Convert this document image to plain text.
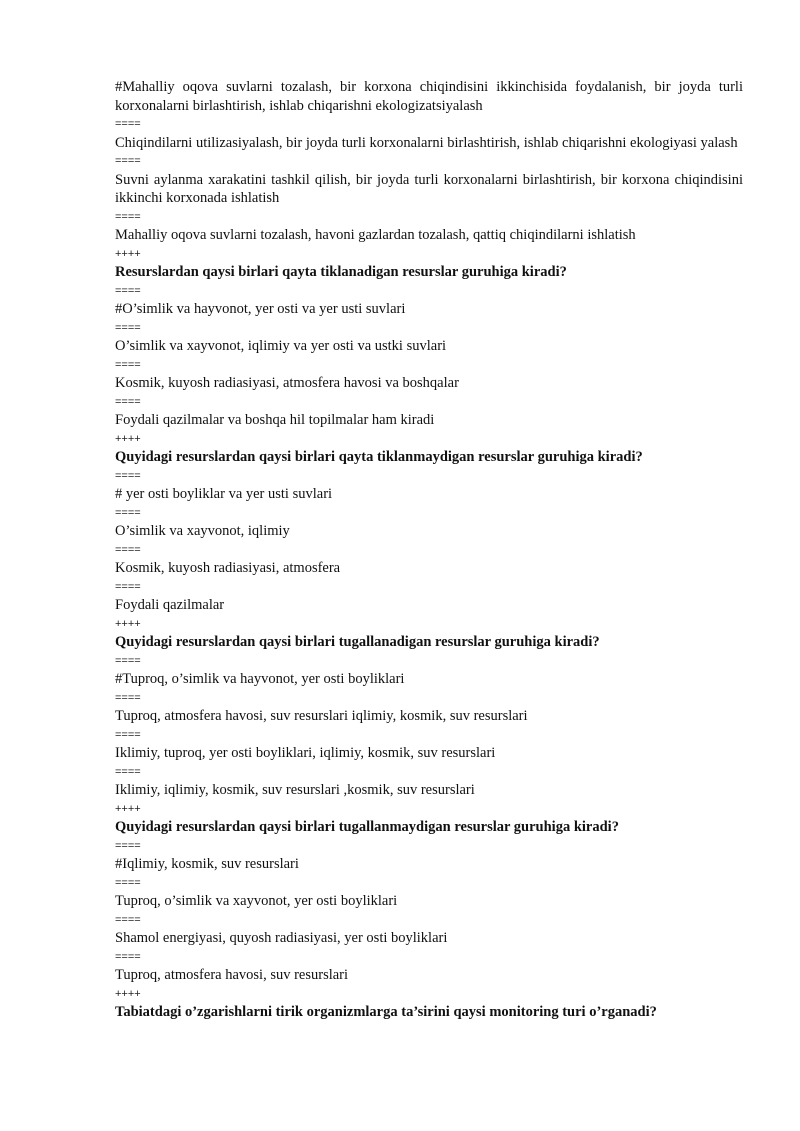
#Mahalliy oqova suvlarni tozalash, bir korxona chiqindisini ikkinchisida foydalanish, bir joyda turli korxonalarni birlashtirish, ishlab chiqarishni ekologizatsiyalash

====

Chiqindilarni utilizasiyalash, bir joyda turli korxonalarni birlashtirish, ishlab chiqarishni ekologiyasi yalash

====

Suvni aylanma xarakatini tashkil qilish, bir joyda turli korxonalarni birlashtirish, bir korxona chiqindisini ikkinchi korxonada ishlatish

====

Mahalliy oqova suvlarni tozalash, havoni gazlardan tozalash, qattiq chiqindilarni ishlatish

++++

Resurslardan qaysi birlari qayta tiklanadigan resurslar guruhiga kiradi?

====

#O’simlik va hayvonot, yer osti va yer usti suvlari

====

O’simlik va xayvonot, iqlimiy va yer osti va ustki suvlari

====

Kosmik, kuyosh radiasiyasi, atmosfera havosi va boshqalar

====

Foydali qazilmalar va boshqa hil topilmalar ham kiradi

++++

Quyidagi resurslardan qaysi birlari qayta tiklanmaydigan resurslar guruhiga kiradi?

====

# yer osti boyliklar va yer usti suvlari

====

O’simlik va xayvonot, iqlimiy

====

Kosmik, kuyosh radiasiyasi, atmosfera

====

Foydali qazilmalar

++++

Quyidagi resurslardan qaysi birlari tugallanadigan resurslar guruhiga kiradi?

====

#Tuproq, o’simlik va hayvonot, yer osti boyliklari

====

Tuproq, atmosfera havosi, suv resurslari iqlimiy, kosmik, suv resurslari

====

Iklimiy, tuproq, yer osti boyliklari, iqlimiy, kosmik, suv resurslari

====

Iklimiy, iqlimiy, kosmik, suv resurslari ,kosmik, suv resurslari

++++

Quyidagi resurslardan qaysi birlari tugallanmaydigan resurslar guruhiga kiradi?

====

#Iqlimiy, kosmik, suv resurslari

====

Tuproq, o’simlik va xayvonot, yer osti boyliklari

====

Shamol energiyasi, quyosh radiasiyasi, yer osti boyliklari

====

Tuproq, atmosfera havosi, suv resurslari

++++

Tabiatdagi o’zgarishlarni tirik organizmlarga ta’sirini qaysi monitoring turi o’rganadi?
